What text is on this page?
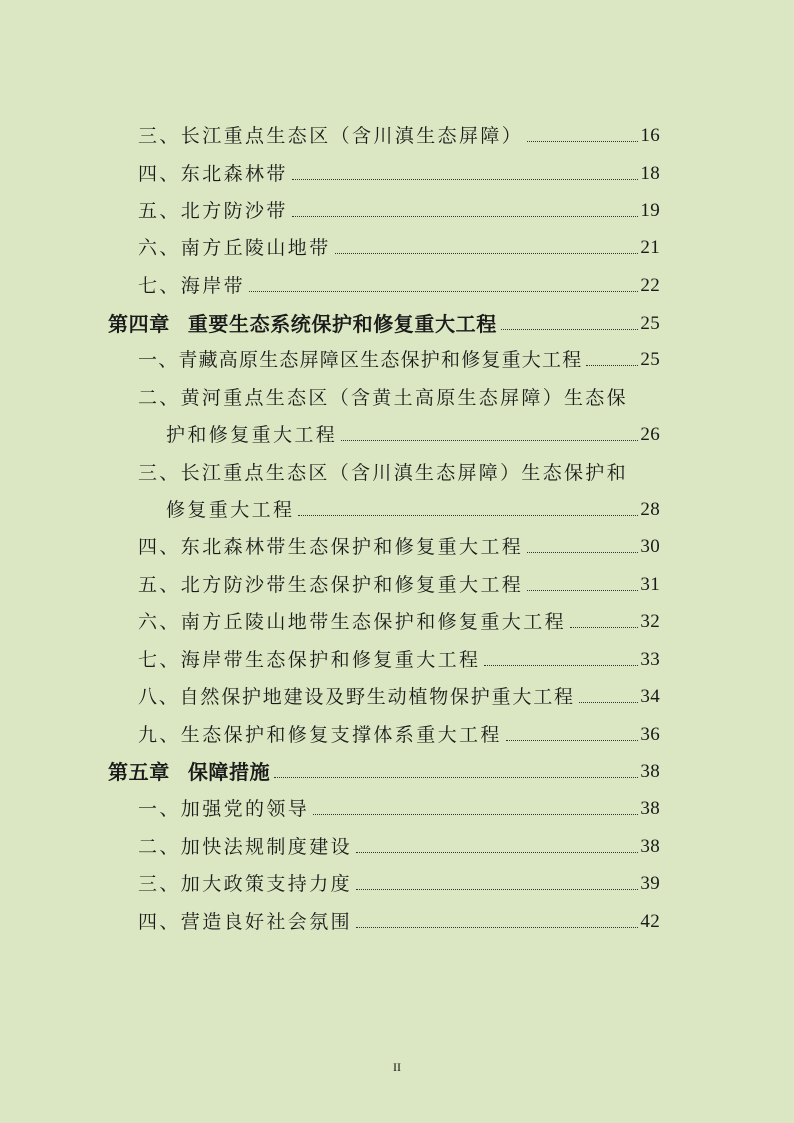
三、长江重点生态区（含川滇生态屏障）	16
四、东北森林带	18
五、北方防沙带	19
六、南方丘陵山地带	21
七、海岸带	22
第四章 重要生态系统保护和修复重大工程	25
一、青藏高原生态屏障区生态保护和修复重大工程	25
二、黄河重点生态区（含黄土高原生态屏障）生态保
护和修复重大工程	26
三、长江重点生态区（含川滇生态屏障）生态保护和
修复重大工程	28
四、东北森林带生态保护和修复重大工程	30
五、北方防沙带生态保护和修复重大工程	31
六、南方丘陵山地带生态保护和修复重大工程	32
七、海岸带生态保护和修复重大工程	33
八、自然保护地建设及野生动植物保护重大工程	34
九、生态保护和修复支撑体系重大工程	36
第五章 保障措施	38
一、加强党的领导	38
二、加快法规制度建设	38
三、加大政策支持力度	39
四、营造良好社会氛围	42
II
